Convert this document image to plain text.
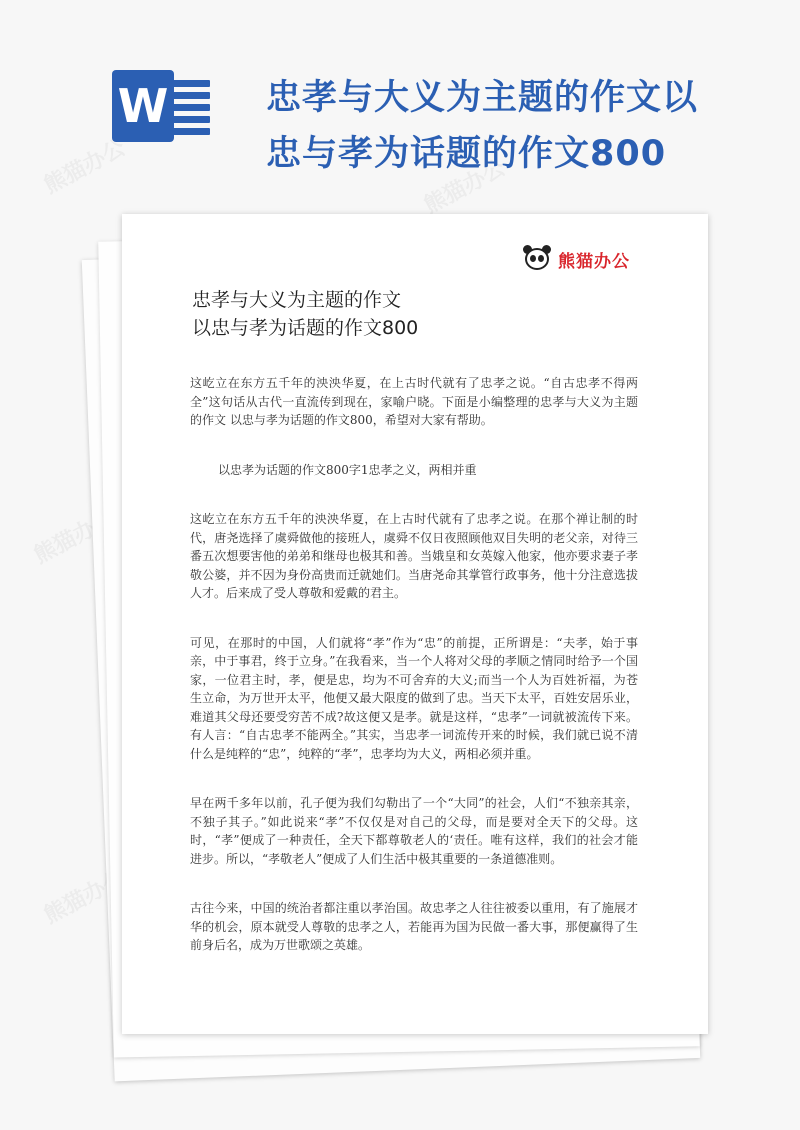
熊猫办公	熊猫办公
熊猫办公
熊猫办公
W	忠孝与大义为主题的作文以忠与孝为话题的作文800
熊猫办公
忠孝与大义为主题的作文
以忠与孝为话题的作文800

这屹立在东方五千年的泱泱华夏，在上古时代就有了忠孝之说。“自古忠孝不得两全”这句话从古代一直流传到现在，家喻户晓。下面是小编整理的忠孝与大义为主题的作文 以忠与孝为话题的作文800，希望对大家有帮助。

以忠孝为话题的作文800字1忠孝之义，两相并重

这屹立在东方五千年的泱泱华夏，在上古时代就有了忠孝之说。在那个禅让制的时代，唐尧选择了虞舜做他的接班人，虞舜不仅日夜照顾他双目失明的老父亲，对待三番五次想要害他的弟弟和继母也极其和善。当娥皇和女英嫁入他家，他亦要求妻子孝敬公婆，并不因为身份高贵而迁就她们。当唐尧命其掌管行政事务，他十分注意选拔人才。后来成了受人尊敬和爱戴的君主。

可见，在那时的中国，人们就将“孝”作为“忠”的前提，正所谓是：“夫孝，始于事亲，中于事君，终于立身。”在我看来，当一个人将对父母的孝顺之情同时给予一个国家，一位君主时，孝，便是忠，均为不可舍弃的大义;而当一个人为百姓祈福，为苍生立命，为万世开太平，他便又最大限度的做到了忠。当天下太平，百姓安居乐业，难道其父母还要受穷苦不成?故这便又是孝。就是这样，“忠孝”一词就被流传下来。有人言：“自古忠孝不能两全。”其实，当忠孝一词流传开来的时候，我们就已说不清什么是纯粹的“忠”，纯粹的“孝”，忠孝均为大义，两相必须并重。

早在两千多年以前，孔子便为我们勾勒出了一个“大同”的社会，人们“不独亲其亲，不独子其子。”如此说来“孝”不仅仅是对自己的父母，而是要对全天下的父母。这时，“孝”便成了一种责任，全天下都尊敬老人的‘责任。唯有这样，我们的社会才能进步。所以，“孝敬老人”便成了人们生活中极其重要的一条道德准则。

古往今来，中国的统治者都注重以孝治国。故忠孝之人往往被委以重用，有了施展才华的机会，原本就受人尊敬的忠孝之人，若能再为国为民做一番大事，那便赢得了生前身后名，成为万世歌颂之英雄。
